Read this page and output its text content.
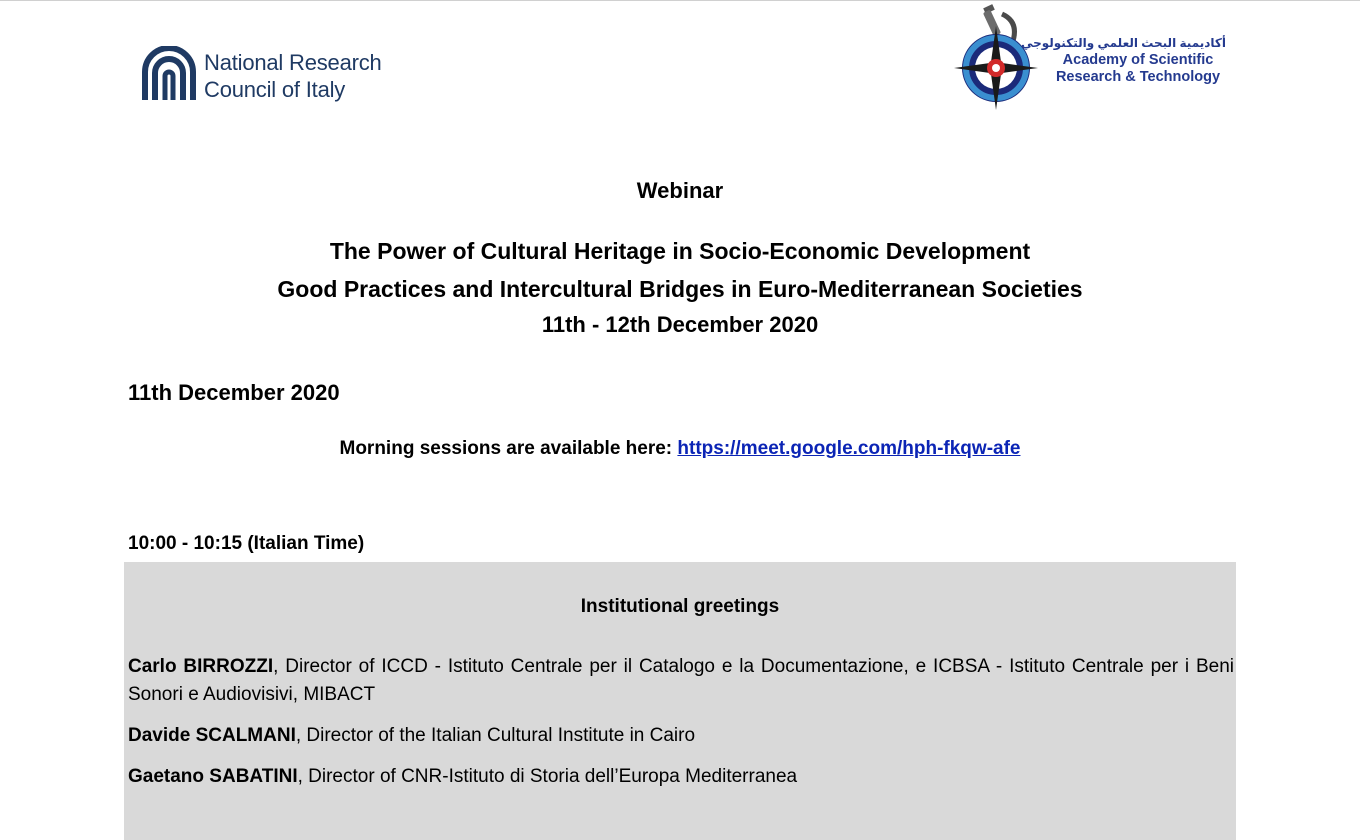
National Research
Council of Italy
أكاديمية البحث العلمي والتكنولوجي
Academy of Scientific
Research & Technology
Webinar
The Power of Cultural Heritage in Socio-Economic Development
Good Practices and Intercultural Bridges in Euro-Mediterranean Societies
11th - 12th December 2020
11th December 2020
Morning sessions are available here: https://meet.google.com/hph-fkqw-afe
10:00 - 10:15 (Italian Time)
Institutional greetings
Carlo BIRROZZI, Director of ICCD - Istituto Centrale per il Catalogo e la Documentazione, e ICBSA - Istituto Centrale per i Beni Sonori e Audiovisivi, MIBACT
Davide SCALMANI, Director of the Italian Cultural Institute in Cairo
Gaetano SABATINI, Director of CNR-Istituto di Storia dell’Europa Mediterranea
